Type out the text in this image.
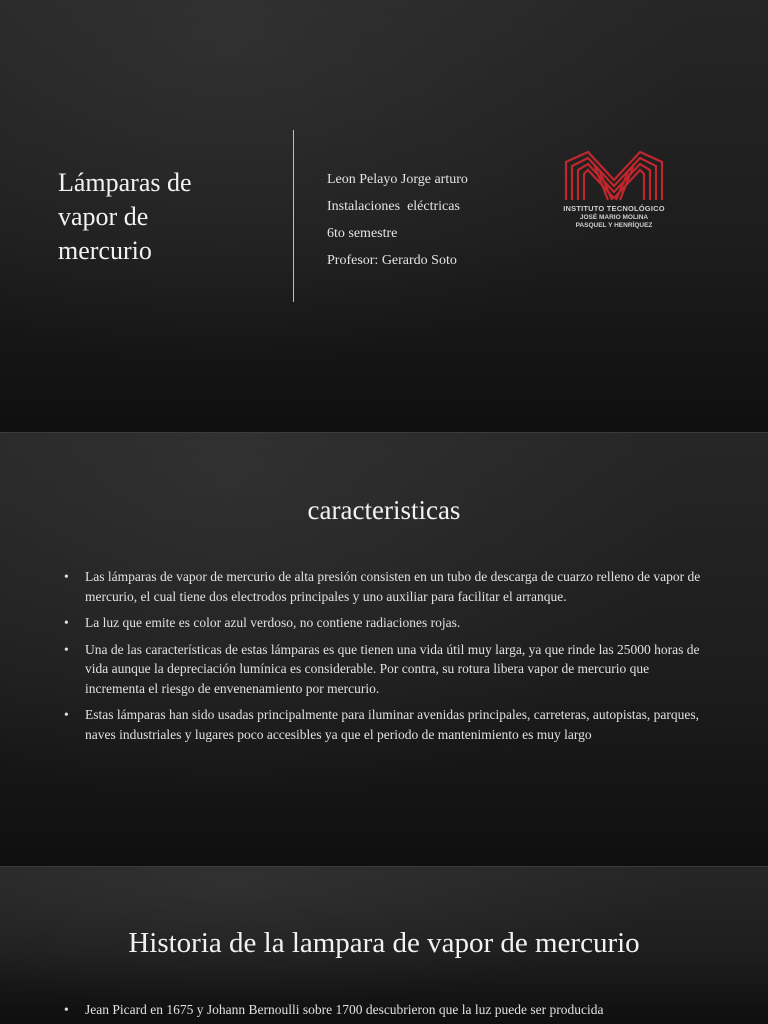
Lámparas de
vapor de
mercurio
Leon Pelayo Jorge arturo
Instalaciones  eléctricas
6to semestre
Profesor: Gerardo Soto
INSTITUTO TECNOLÓGICO
JOSÉ MARIO MOLINA
PASQUEL Y HENRÍQUEZ
caracteristicas
• Las lámparas de vapor de mercurio de alta presión consisten en un tubo de descarga de cuarzo relleno de vapor de mercurio, el cual tiene dos electrodos principales y uno auxiliar para facilitar el arranque.
• La luz que emite es color azul verdoso, no contiene radiaciones rojas.
• Una de las características de estas lámparas es que tienen una vida útil muy larga, ya que rinde las 25000 horas de vida aunque la depreciación lumínica es considerable. Por contra, su rotura libera vapor de mercurio que incrementa el riesgo de envenenamiento por mercurio.
• Estas lámparas han sido usadas principalmente para iluminar avenidas principales, carreteras, autopistas, parques, naves industriales y lugares poco accesibles ya que el periodo de mantenimiento es muy largo
Historia de la lampara de vapor de mercurio
• Jean Picard en 1675 y Johann Bernoulli sobre 1700 descubrieron que la luz puede ser producida
